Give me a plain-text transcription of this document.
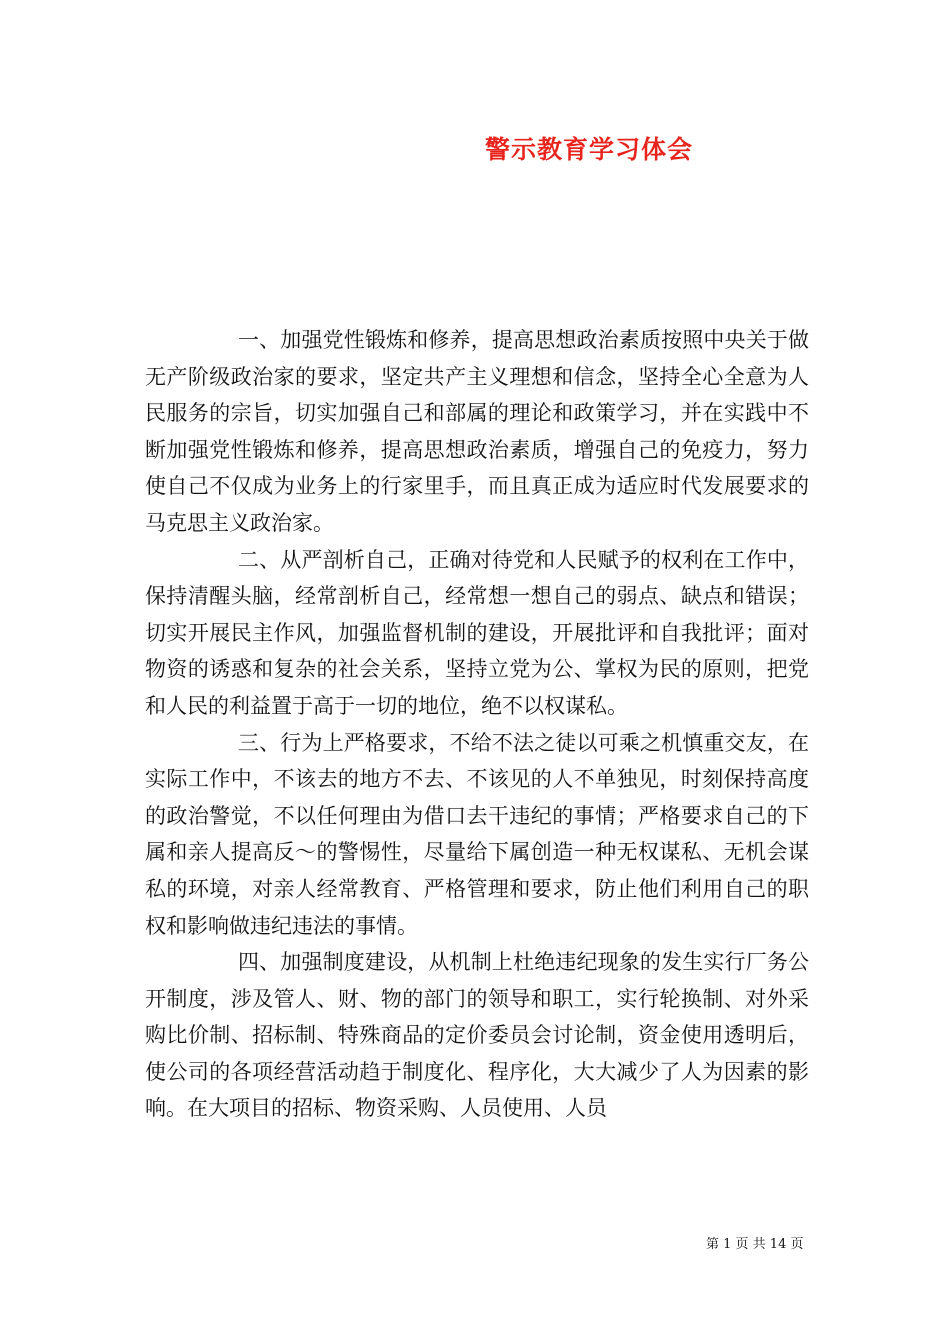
警示教育学习体会

一、加强党性锻炼和修养，提高思想政治素质按照中央关于做无产阶级政治家的要求，坚定共产主义理想和信念，坚持全心全意为人民服务的宗旨，切实加强自己和部属的理论和政策学习，并在实践中不断加强党性锻炼和修养，提高思想政治素质，增强自己的免疫力，努力使自己不仅成为业务上的行家里手，而且真正成为适应时代发展要求的马克思主义政治家。

二、从严剖析自己，正确对待党和人民赋予的权利在工作中，保持清醒头脑，经常剖析自己，经常想一想自己的弱点、缺点和错误；切实开展民主作风，加强监督机制的建设，开展批评和自我批评；面对物资的诱惑和复杂的社会关系，坚持立党为公、掌权为民的原则，把党和人民的利益置于高于一切的地位，绝不以权谋私。

三、行为上严格要求，不给不法之徒以可乘之机慎重交友，在实际工作中，不该去的地方不去、不该见的人不单独见，时刻保持高度的政治警觉，不以任何理由为借口去干违纪的事情；严格要求自己的下属和亲人提高反～的警惕性，尽量给下属创造一种无权谋私、无机会谋私的环境，对亲人经常教育、严格管理和要求，防止他们利用自己的职权和影响做违纪违法的事情。

四、加强制度建设，从机制上杜绝违纪现象的发生实行厂务公开制度，涉及管人、财、物的部门的领导和职工，实行轮换制、对外采购比价制、招标制、特殊商品的定价委员会讨论制，资金使用透明后，使公司的各项经营活动趋于制度化、程序化，大大减少了人为因素的影响。在大项目的招标、物资采购、人员使用、人员

第 1 页 共 14 页
